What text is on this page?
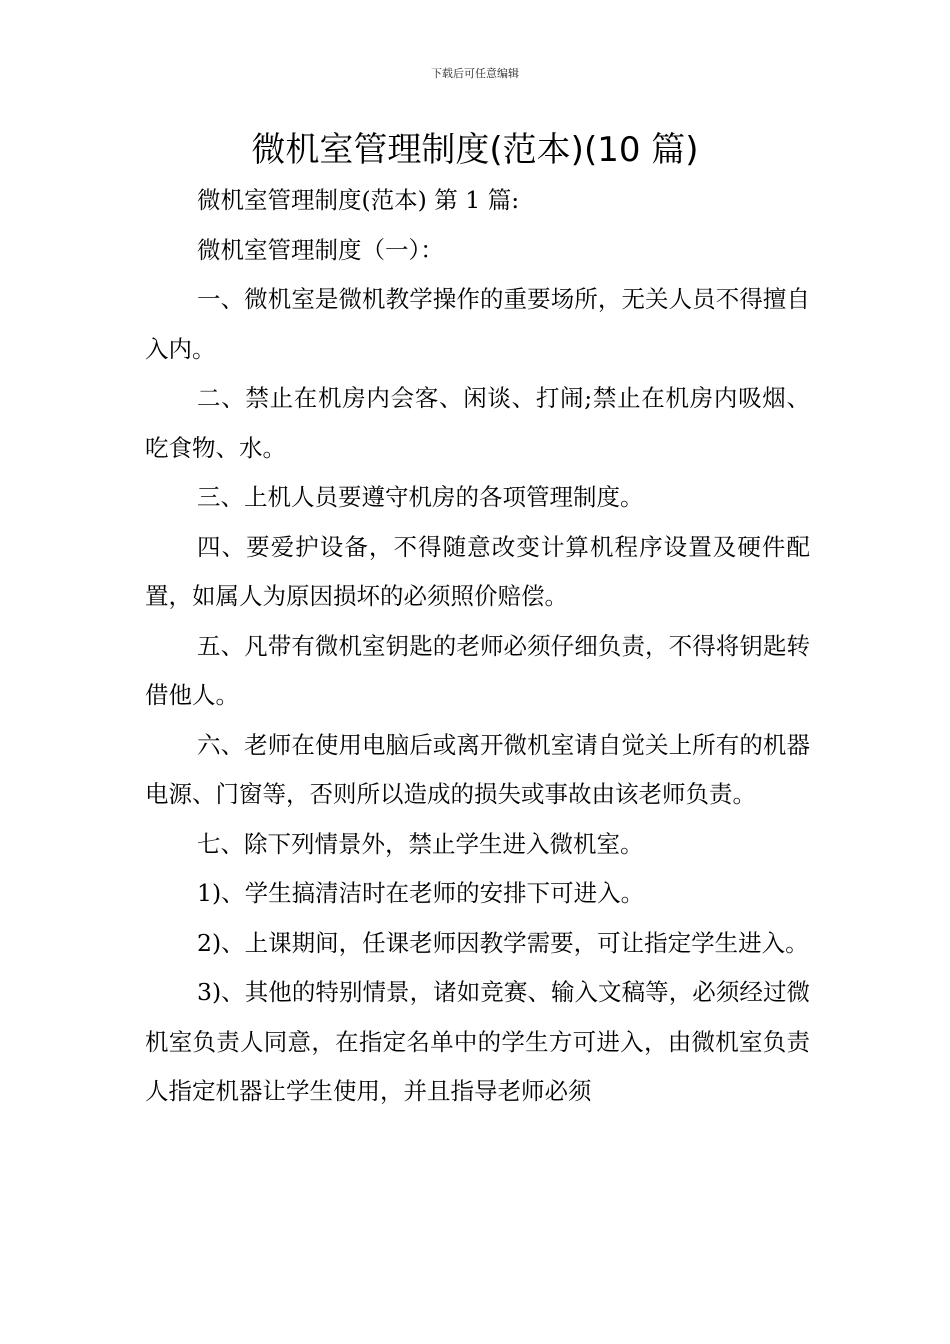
下载后可任意编辑
微机室管理制度(范本)(10 篇)

微机室管理制度(范本) 第 1 篇:

微机室管理制度（一）：

一、微机室是微机教学操作的重要场所，无关人员不得擅自入内。

二、禁止在机房内会客、闲谈、打闹;禁止在机房内吸烟、吃食物、水。

三、上机人员要遵守机房的各项管理制度。

四、要爱护设备，不得随意改变计算机程序设置及硬件配置，如属人为原因损坏的必须照价赔偿。

五、凡带有微机室钥匙的老师必须仔细负责，不得将钥匙转借他人。

六、老师在使用电脑后或离开微机室请自觉关上所有的机器电源、门窗等，否则所以造成的损失或事故由该老师负责。

七、除下列情景外，禁止学生进入微机室。

1)、学生搞清洁时在老师的安排下可进入。

2)、上课期间，任课老师因教学需要，可让指定学生进入。

3)、其他的特别情景，诸如竞赛、输入文稿等，必须经过微机室负责人同意，在指定名单中的学生方可进入，由微机室负责人指定机器让学生使用，并且指导老师必须
